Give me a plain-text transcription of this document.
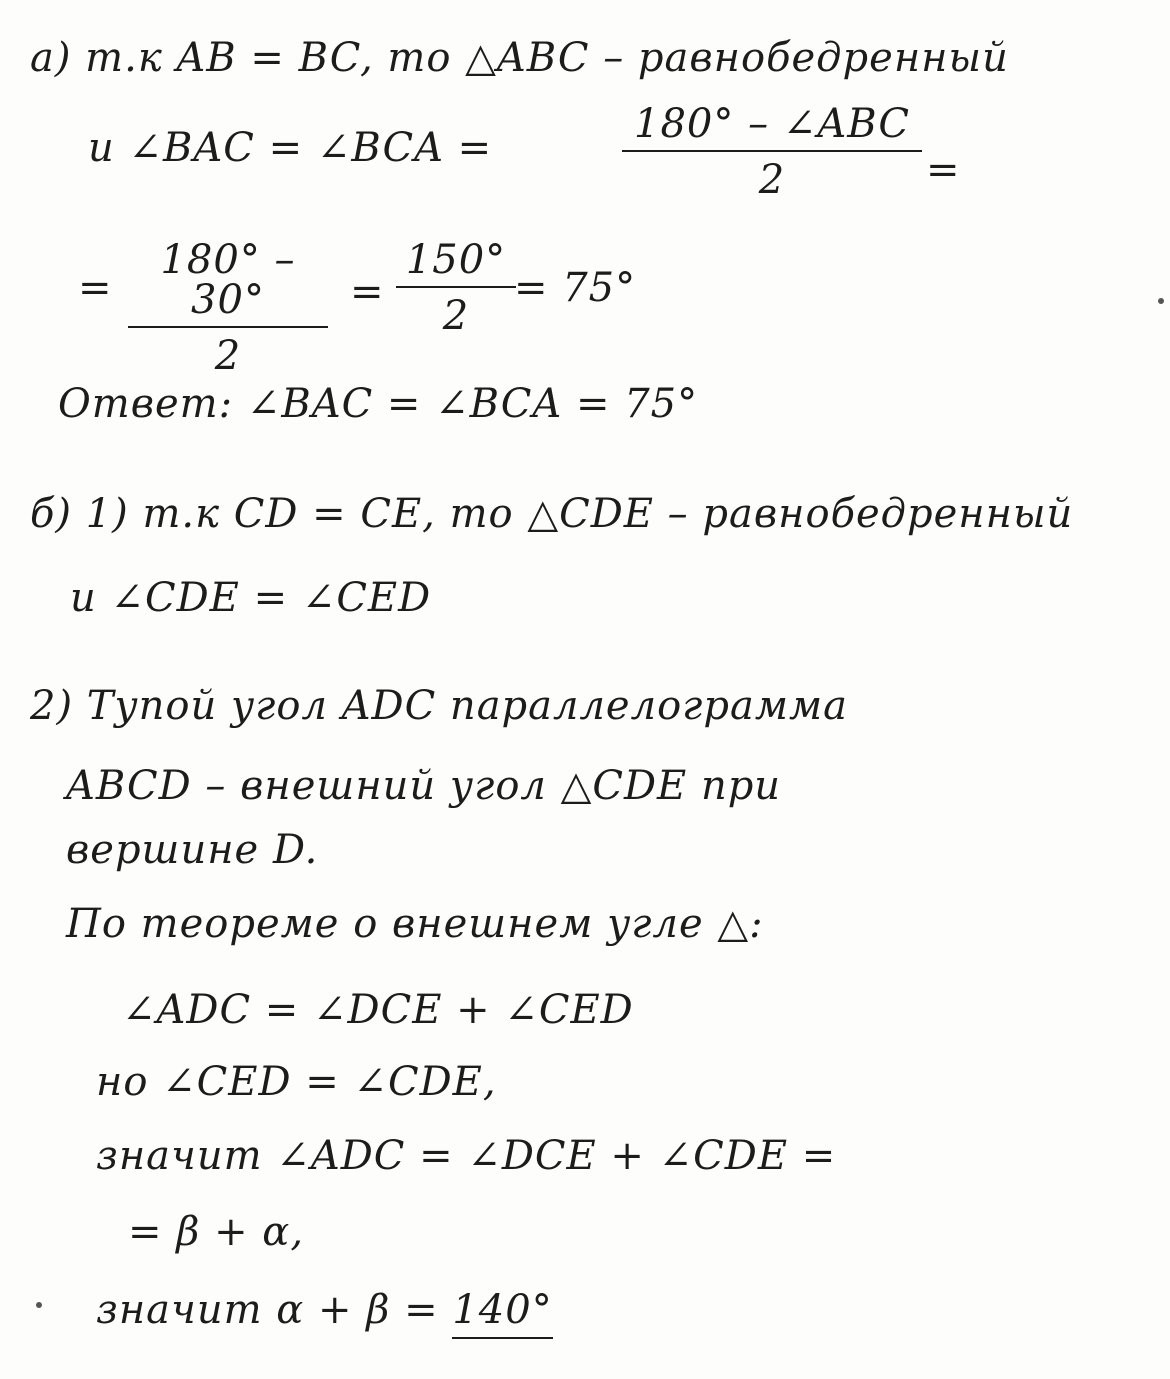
а) т.к AB = BC, то △ABC – равнобедренный
и ∠BAC = ∠BCA =
180° – ∠ABC
2	=
=
180° – 30°
2
=
150°
2
= 75°
Ответ: ∠BAC = ∠BCA = 75°
б) 1) т.к CD = CE, то △CDE – равнобедренный
и ∠CDE = ∠CED
2) Тупой угол ADC параллелограмма
ABCD – внешний угол △CDE при
вершине D.
По теореме о внешнем угле △:
∠ADC = ∠DCE + ∠CED
но ∠CED = ∠CDE,
значит ∠ADC = ∠DCE + ∠CDE =
= β + α,
значит α + β = 140°
